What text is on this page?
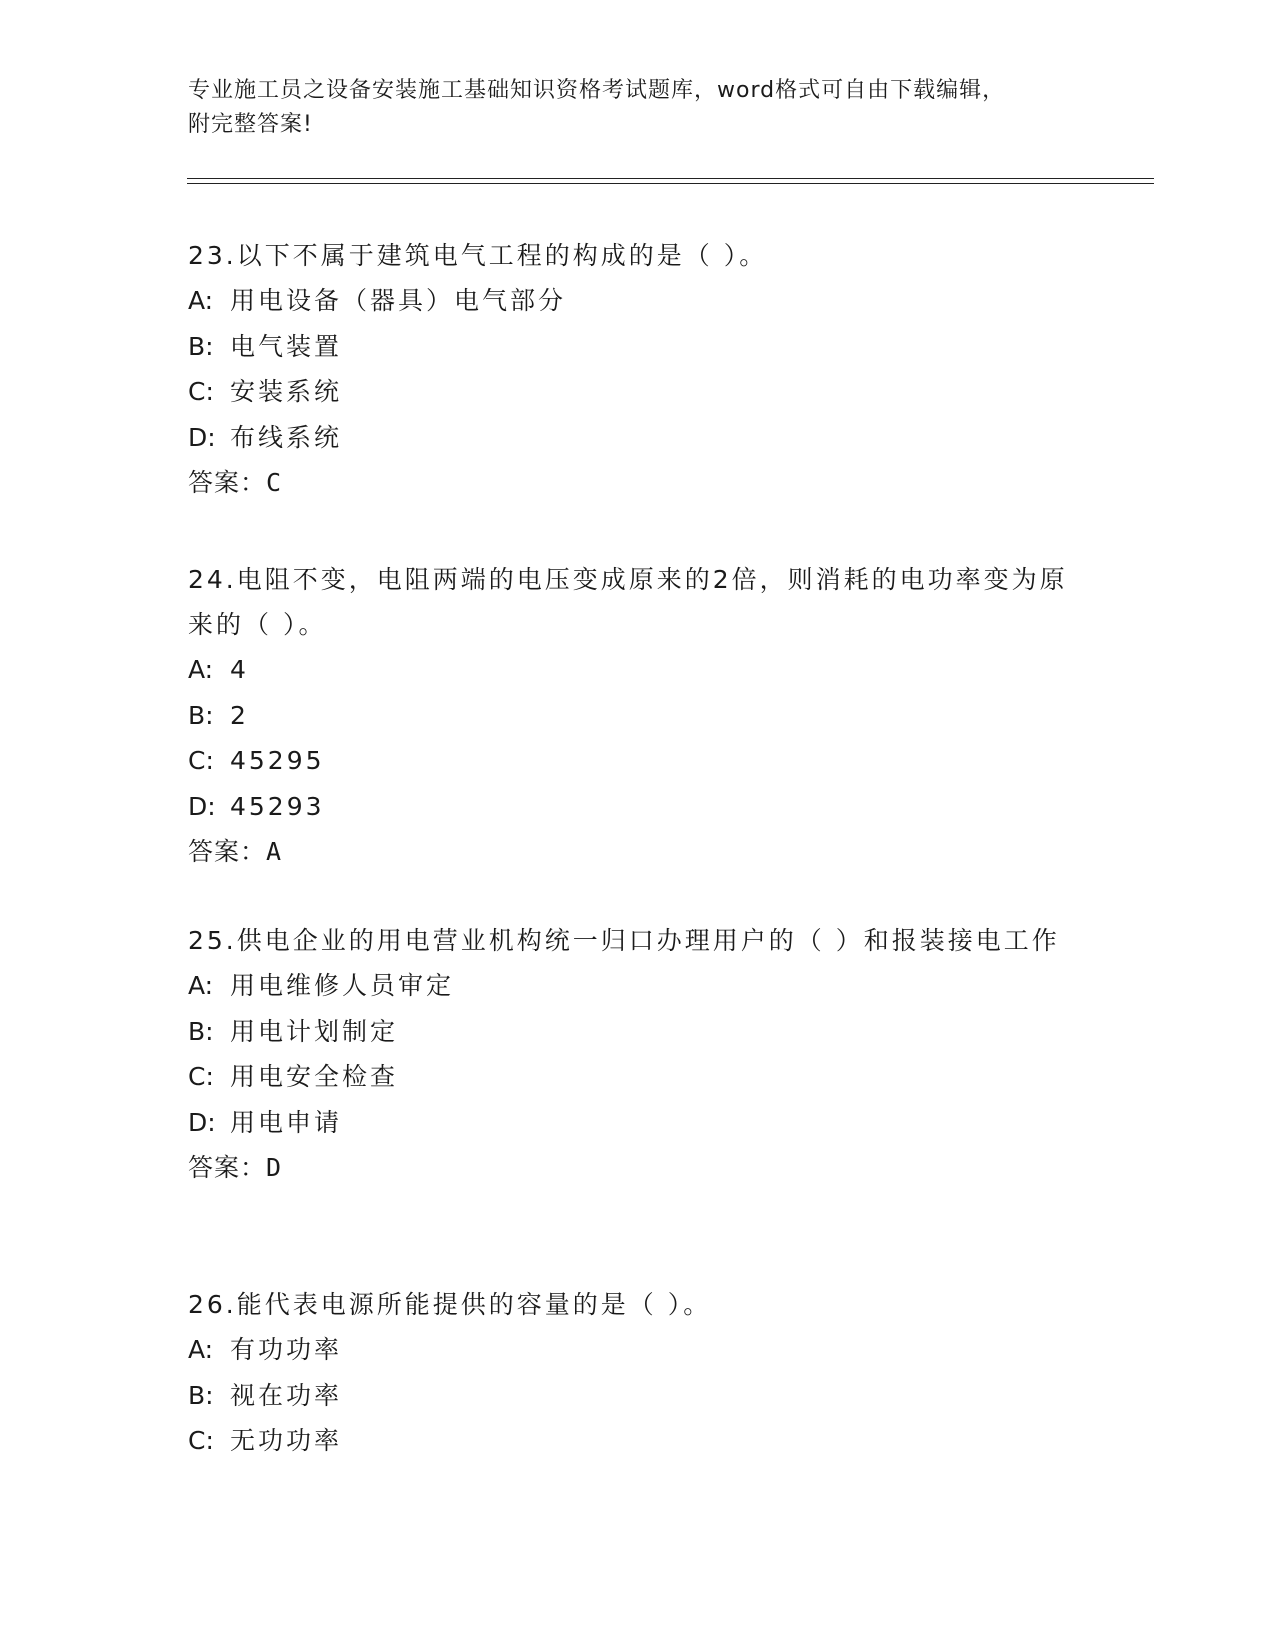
专业施工员之设备安装施工基础知识资格考试题库，word格式可自由下载编辑，
附完整答案!

23.以下不属于建筑电气工程的构成的是（ ）。

A: 用电设备（器具）电气部分

B: 电气装置

C: 安装系统

D: 布线系统

答案：C

24.电阻不变，电阻两端的电压变成原来的2倍，则消耗的电功率变为原来的（ ）。

A: 4

B: 2

C: 45295

D: 45293

答案：A

25.供电企业的用电营业机构统一归口办理用户的（ ）和报装接电工作

A: 用电维修人员审定

B: 用电计划制定

C: 用电安全检查

D: 用电申请

答案：D

26.能代表电源所能提供的容量的是（ ）。

A: 有功功率

B: 视在功率

C: 无功功率
